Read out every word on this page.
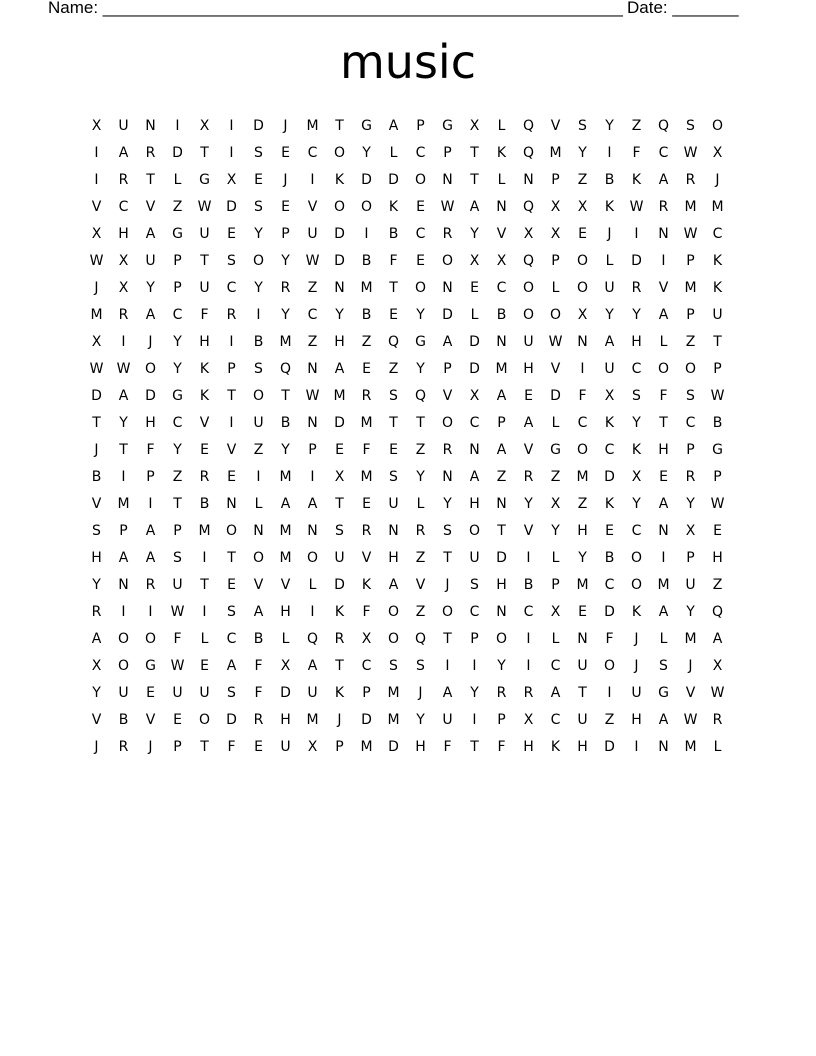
Name: _______________________________________________________ Date: _______
music
X	U	N	I	X	I	D	J	M	T	G	A	P	G	X	L	Q	V	S	Y	Z	Q	S	O
I	A	R	D	T	I	S	E	C	O	Y	L	C	P	T	K	Q	M	Y	I	F	C	W	X
I	R	T	L	G	X	E	J	I	K	D	D	O	N	T	L	N	P	Z	B	K	A	R	J
V	C	V	Z	W	D	S	E	V	O	O	K	E	W	A	N	Q	X	X	K	W	R	M	M
X	H	A	G	U	E	Y	P	U	D	I	B	C	R	Y	V	X	X	E	J	I	N	W	C
W	X	U	P	T	S	O	Y	W	D	B	F	E	O	X	X	Q	P	O	L	D	I	P	K
J	X	Y	P	U	C	Y	R	Z	N	M	T	O	N	E	C	O	L	O	U	R	V	M	K
M	R	A	C	F	R	I	Y	C	Y	B	E	Y	D	L	B	O	O	X	Y	Y	A	P	U
X	I	J	Y	H	I	B	M	Z	H	Z	Q	G	A	D	N	U	W	N	A	H	L	Z	T
W W	O	Y	K	P	S	Q	N	A	E	Z	Y	P	D	M	H	V	I	U	C	O	O	P
D	A	D	G	K	T	O	T	W	M	R	S	Q	V	X	A	E	D	F	X	S	F	S	W
T	Y	H	C	V	I	U	B	N	D	M	T	T	O	C	P	A	L	C	K	Y	T	C	B
J	T	F	Y	E	V	Z	Y	P	E	F	E	Z	R	N	A	V	G	O	C	K	H	P	G
B	I	P	Z	R	E	I	M	I	X	M	S	Y	N	A	Z	R	Z	M	D	X	E	R	P
V	M	I	T	B	N	L	A	A	T	E	U	L	Y	H	N	Y	X	Z	K	Y	A	Y	W
S	P	A	P	M	O	N	M	N	S	R	N	R	S	O	T	V	Y	H	E	C	N	X	E
H	A	A	S	I	T	O	M	O	U	V	H	Z	T	U	D	I	L	Y	B	O	I	P	H
Y	N	R	U	T	E	V	V	L	D	K	A	V	J	S	H	B	P	M	C	O	M	U	Z
R	I	I	W	I	S	A	H	I	K	F	O	Z	O	C	N	C	X	E	D	K	A	Y	Q
A	O	O	F	L	C	B	L	Q	R	X	O	Q	T	P	O	I	L	N	F	J	L	M	A
X	O	G	W	E	A	F	X	A	T	C	S	S	I	I	Y	I	C	U	O	J	S	J	X
Y	U	E	U	U	S	F	D	U	K	P	M	J	A	Y	R	R	A	T	I	U	G	V	W
V	B	V	E	O	D	R	H	M	J	D	M	Y	U	I	P	X	C	U	Z	H	A	W	R
J	R	J	P	T	F	E	U	X	P	M	D	H	F	T	F	H	K	H	D	I	N	M	L
